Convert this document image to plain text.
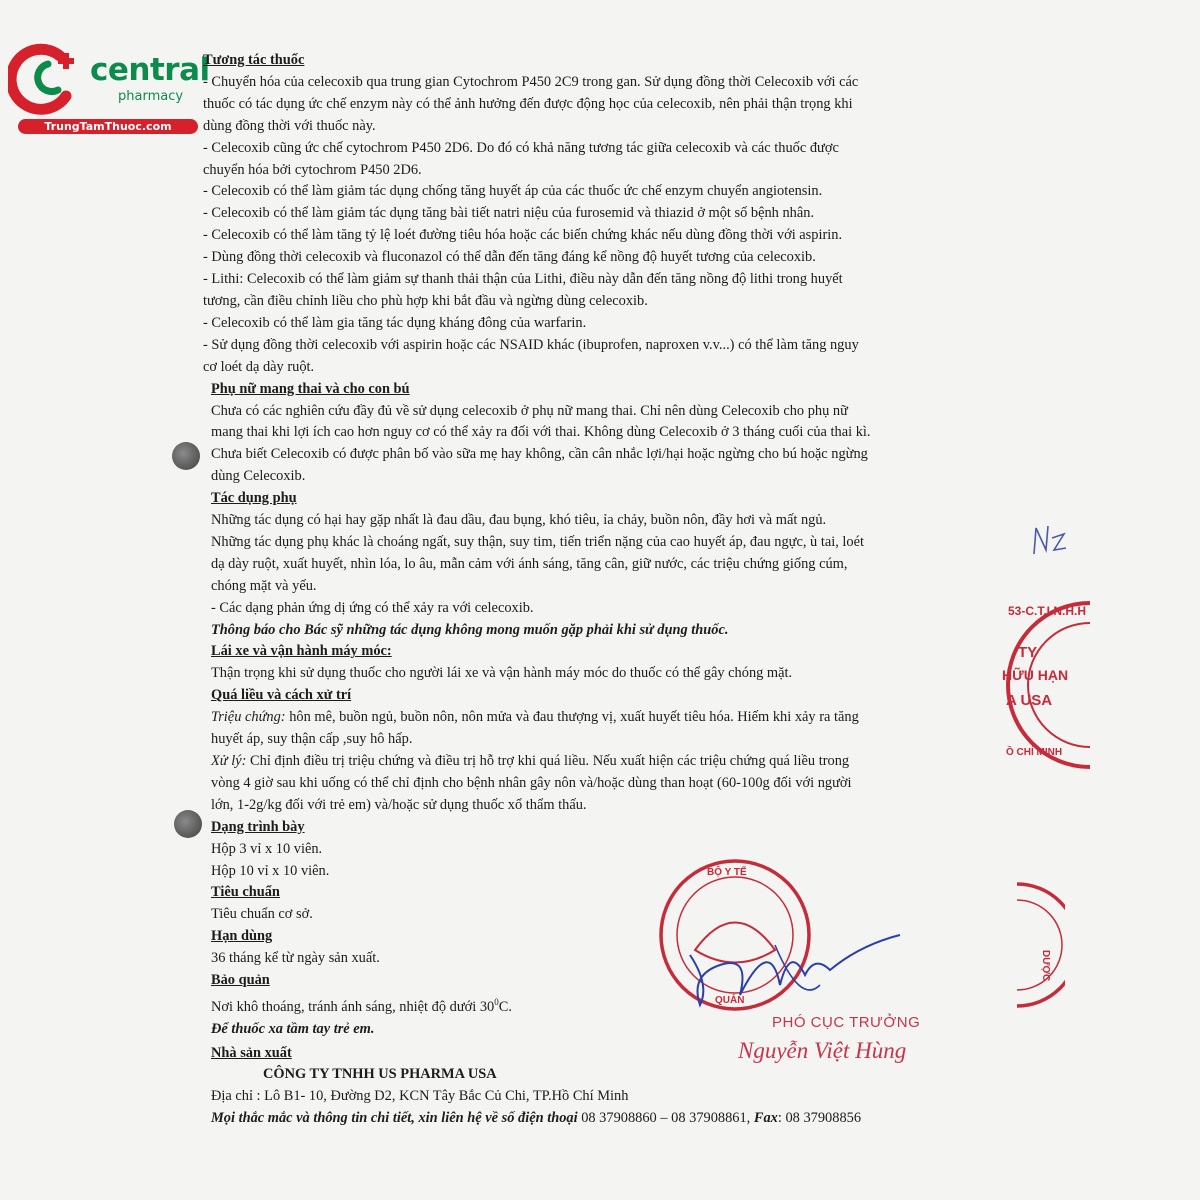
central
pharmacy
TrungTamThuoc.com

Tương tác thuốc

- Chuyển hóa của celecoxib qua trung gian Cytochrom P450 2C9 trong gan. Sử dụng đồng thời Celecoxib với các

thuốc có tác dụng ức chế enzym này có thể ảnh hưởng đến được động học của celecoxib, nên phải thận trọng khi

dùng đồng thời với thuốc này.

- Celecoxib cũng ức chế cytochrom P450 2D6. Do đó có khả năng tương tác giữa celecoxib và các thuốc được

chuyển hóa bởi cytochrom P450 2D6.

- Celecoxib có thể làm giảm tác dụng chống tăng huyết áp của các thuốc ức chế enzym chuyển angiotensin.

- Celecoxib có thể làm giảm tác dụng tăng bài tiết natri niệu của furosemid và thiazid ở một số bệnh nhân.

- Celecoxib có thể làm tăng tỷ lệ loét đường tiêu hóa hoặc các biến chứng khác nếu dùng đồng thời với aspirin.

- Dùng đồng thời celecoxib và fluconazol có thể dẫn đến tăng đáng kể nồng độ huyết tương của celecoxib.

- Lithi: Celecoxib có thể làm giảm sự thanh thải thận của Lithi, điều này dẫn đến tăng nồng độ lithi trong huyết

tương, cần điều chỉnh liều cho phù hợp khi bắt đầu và ngừng dùng celecoxib.

- Celecoxib có thể làm gia tăng tác dụng kháng đông của warfarin.

- Sử dụng đồng thời celecoxib với aspirin hoặc các NSAID khác (ibuprofen, naproxen v.v...) có thể làm tăng nguy

cơ loét dạ dày ruột.

Phụ nữ mang thai và cho con bú

Chưa có các nghiên cứu đầy đủ về sử dụng celecoxib ở phụ nữ mang thai. Chỉ nên dùng Celecoxib cho phụ nữ

mang thai khi lợi ích cao hơn nguy cơ có thể xảy ra đối với thai. Không dùng Celecoxib ở 3 tháng cuối của thai kì.

Chưa biết Celecoxib có được phân bố vào sữa mẹ hay không, cần cân nhắc lợi/hại hoặc ngừng cho bú hoặc ngừng

dùng Celecoxib.

Tác dụng phụ

Những tác dụng có hại hay gặp nhất là đau dầu, đau bụng, khó tiêu, ỉa chảy, buồn nôn, đầy hơi và mất ngủ.

Những tác dụng phụ khác là choáng ngất, suy thận, suy tim, tiến triển nặng của cao huyết áp, đau ngực, ù tai, loét

dạ dày ruột, xuất huyết, nhìn lóa, lo âu, mẫn cảm với ánh sáng, tăng cân, giữ nước, các triệu chứng giống cúm,

chóng mặt và yếu.

- Các dạng phản ứng dị ứng có thể xảy ra với celecoxib.

Thông báo cho Bác sỹ những tác dụng không mong muốn gặp phải khi sử dụng thuốc.

Lái xe và vận hành máy móc:

Thận trọng khi sử dụng thuốc cho người lái xe và vận hành máy móc do thuốc có thể gây chóng mặt.

Quá liều và cách xử trí

Triệu chứng: hôn mê, buồn ngủ, buồn nôn, nôn mửa và đau thượng vị, xuất huyết tiêu hóa. Hiếm khi xảy ra tăng

huyết áp, suy thận cấp ,suy hô hấp.

Xử lý: Chỉ định điều trị triệu chứng và điều trị hỗ trợ khi quá liều. Nếu xuất hiện các triệu chứng quá liều trong

vòng 4 giờ sau khi uống có thể chỉ định cho bệnh nhân gây nôn và/hoặc dùng than hoạt (60-100g đối với người

lớn, 1-2g/kg đối với trẻ em) và/hoặc sử dụng thuốc xổ thẩm thấu.

Dạng trình bày

Hộp 3 vỉ x 10 viên.

Hộp 10 vỉ x 10 viên.

Tiêu chuẩn

Tiêu chuẩn cơ sở.

Hạn dùng

36 tháng kể từ ngày sản xuất.

Bảo quản

Nơi khô thoáng, tránh ánh sáng, nhiệt độ dưới $30^0C$.

Để thuốc xa tầm tay trẻ em.

Nhà sản xuất

CÔNG TY TNHH US PHARMA USA

Địa chỉ : Lô B1- 10, Đường D2, KCN Tây Bắc Củ Chi, TP.Hồ Chí Minh

Mọi thắc mắc và thông tin chi tiết, xin liên hệ về số điện thoại 08 37908860 – 08 37908861, Fax: 08 37908856

53-C.T.I.N.H.H
TY
HỮU HẠN
A USA
Ồ CHÍ MINH
BỘ Y TẾ
QUẢN
DƯỢC
PHÓ CỤC TRƯỞNG
Nguyễn Việt Hùng
